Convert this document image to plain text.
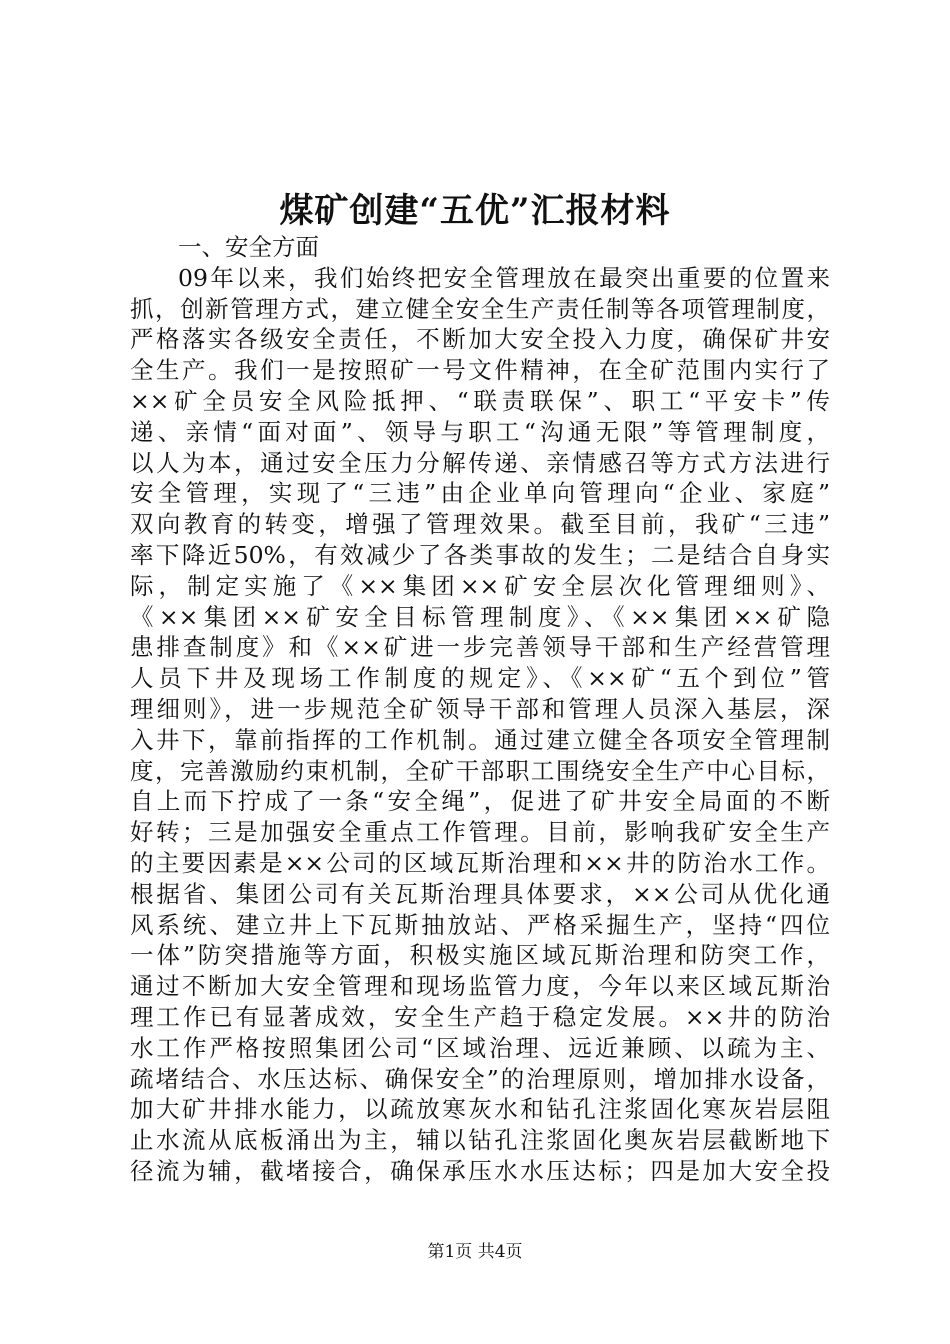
煤矿创建“五优”汇报材料
一、安全方面
09年以来，我们始终把安全管理放在最突出重要的位置来
抓，创新管理方式，建立健全安全生产责任制等各项管理制度，
严格落实各级安全责任，不断加大安全投入力度，确保矿井安
全生产。我们一是按照矿一号文件精神，在全矿范围内实行了
××矿全员安全风险抵押、“联责联保”、职工“平安卡”传
递、亲情“面对面”、领导与职工“沟通无限”等管理制度，
以人为本，通过安全压力分解传递、亲情感召等方式方法进行
安全管理，实现了“三违”由企业单向管理向“企业、家庭”
双向教育的转变，增强了管理效果。截至目前，我矿“三违”
率下降近50%，有效减少了各类事故的发生；二是结合自身实
际，制定实施了《××集团××矿安全层次化管理细则》、
《××集团××矿安全目标管理制度》、《××集团××矿隐
患排查制度》和《××矿进一步完善领导干部和生产经营管理
人员下井及现场工作制度的规定》、《××矿“五个到位”管
理细则》，进一步规范全矿领导干部和管理人员深入基层，深
入井下，靠前指挥的工作机制。通过建立健全各项安全管理制
度，完善激励约束机制，全矿干部职工围绕安全生产中心目标，
自上而下拧成了一条“安全绳”，促进了矿井安全局面的不断
好转；三是加强安全重点工作管理。目前，影响我矿安全生产
的主要因素是××公司的区域瓦斯治理和××井的防治水工作。
根据省、集团公司有关瓦斯治理具体要求，××公司从优化通
风系统、建立井上下瓦斯抽放站、严格采掘生产，坚持“四位
一体”防突措施等方面，积极实施区域瓦斯治理和防突工作，
通过不断加大安全管理和现场监管力度，今年以来区域瓦斯治
理工作已有显著成效，安全生产趋于稳定发展。××井的防治
水工作严格按照集团公司“区域治理、远近兼顾、以疏为主、
疏堵结合、水压达标、确保安全”的治理原则，增加排水设备，
加大矿井排水能力，以疏放寒灰水和钻孔注浆固化寒灰岩层阻
止水流从底板涌出为主，辅以钻孔注浆固化奥灰岩层截断地下
径流为辅，截堵接合，确保承压水水压达标；四是加大安全投
第1页 共4页
